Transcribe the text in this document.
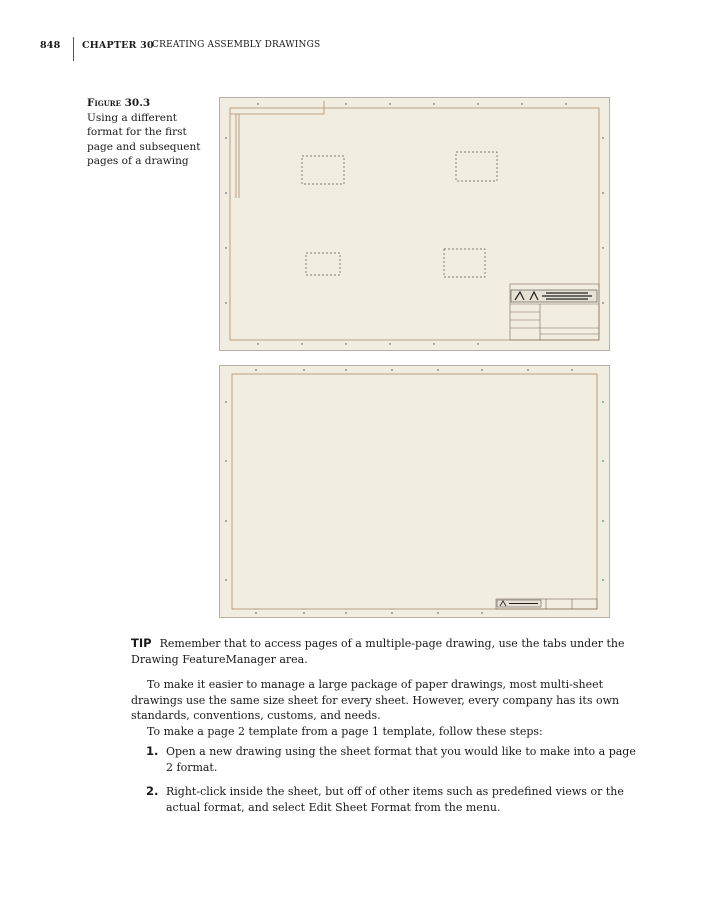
848 CHAPTER 30
CREATING ASSEMBLY DRAWINGS
Figure 30.3
Using a different format for the first page and subsequent pages of a drawing
TIP Remember that to access pages of a multiple-page drawing, use the tabs under the Drawing FeatureManager area.

To make it easier to manage a large package of paper drawings, most multi-sheet drawings use the same size sheet for every sheet. However, every company has its own standards, conventions, customs, and needs.

To make a page 2 template from a page 1 template, follow these steps:

1. Open a new drawing using the sheet format that you would like to make into a page 2 format.
2. Right-click inside the sheet, but off of other items such as predefined views or the actual format, and select Edit Sheet Format from the menu.
